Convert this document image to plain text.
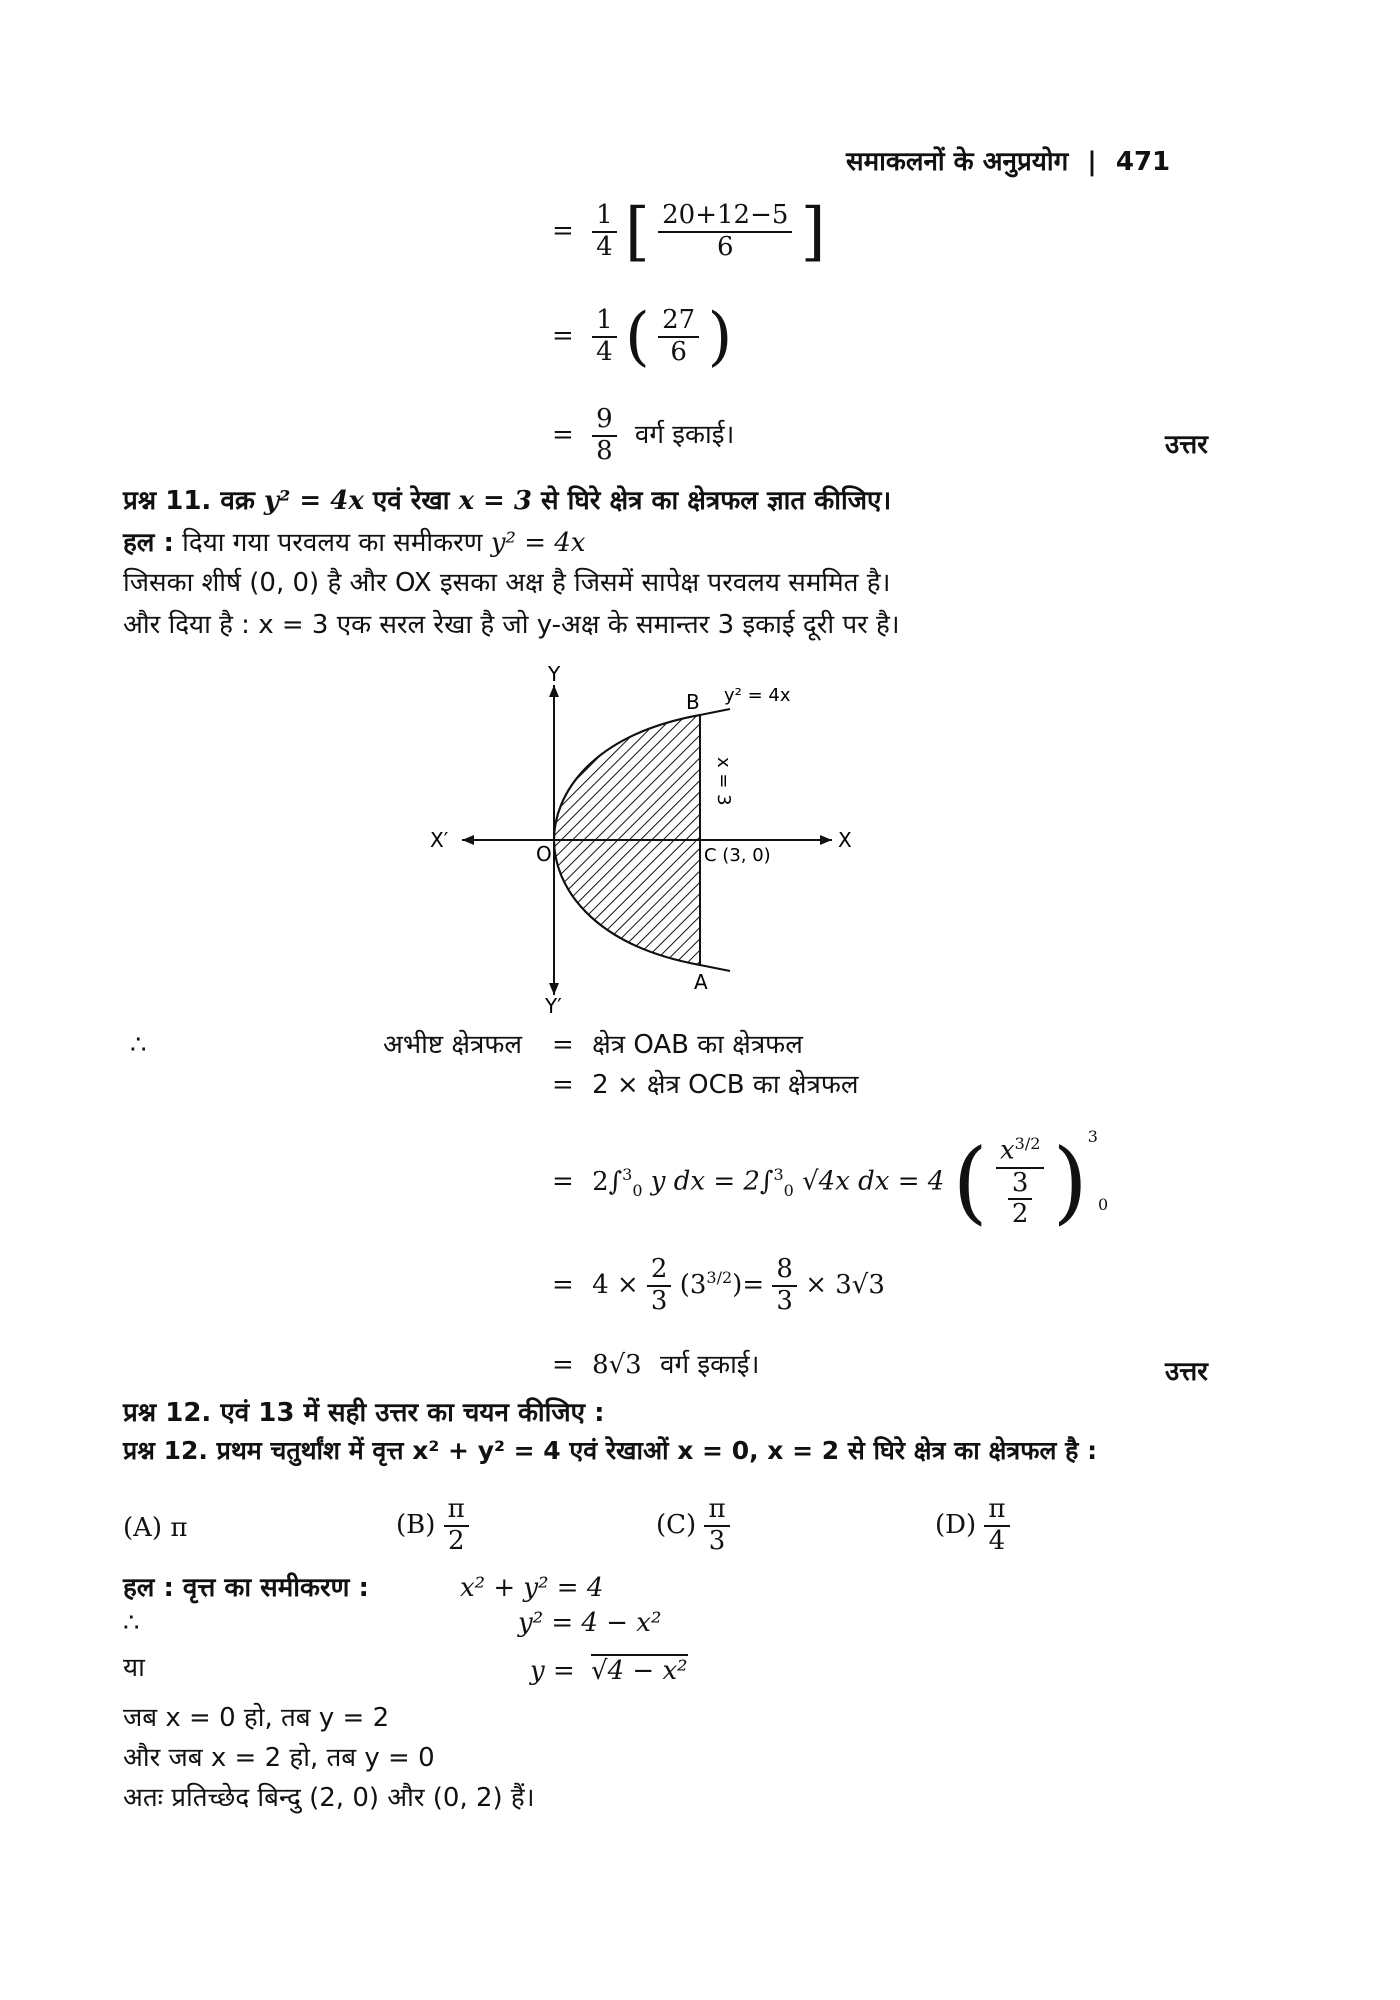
समाकलनों के अनुप्रयोग | 471
= $\frac{1}{4}$ [ $\frac{20+12-5}{6}$ ]
= $\frac{1}{4}$ ( $\frac{27}{6}$ )
= $\frac{9}{8}$ वर्ग इकाई।	उत्तर
प्रश्न 11. वक्र y² = 4x एवं रेखा x = 3 से घिरे क्षेत्र का क्षेत्रफल ज्ञात कीजिए।
हल : दिया गया परवलय का समीकरण y² = 4x
जिसका शीर्ष (0, 0) है और OX इसका अक्ष है जिसमें सापेक्ष परवलय सममित है।
और दिया है : x = 3 एक सरल रेखा है जो y-अक्ष के समान्तर 3 इकाई दूरी पर है।
Y
Y′
X′	X
O
B
A
C (3, 0)
y² = 4x
x = 3
∴	अभीष्ट क्षेत्रफल = क्षेत्र OAB का क्षेत्रफल
= 2 × क्षेत्र OCB का क्षेत्रफल
= 2∫$^3_0$ y dx = 2∫$^3_0$ √4x dx = 4 ( $\frac{x^{3/2}}{\frac{3}{2}} )^3_0$
= $4 \times \frac{2}{3} (3^{3/2})= \frac{8}{3} \times 3√3$
= 8√3 वर्ग इकाई।	उत्तर
प्रश्न 12. एवं 13 में सही उत्तर का चयन कीजिए :
प्रश्न 12. प्रथम चतुर्थांश में वृत्त x² + y² = 4 एवं रेखाओं x = 0, x = 2 से घिरे क्षेत्र का क्षेत्रफल है :
(A) π	$(B) \frac{\pi}{2}$	$(C) \frac{\pi}{3}$	$(D) \frac{\pi}{4}$
हल : वृत्त का समीकरण :	x² + y² = 4
∴	y² = 4 − x²
या	y = √4 − x²
जब x = 0 हो, तब y = 2
और जब x = 2 हो, तब y = 0
अतः प्रतिच्छेद बिन्दु (2, 0) और (0, 2) हैं।
